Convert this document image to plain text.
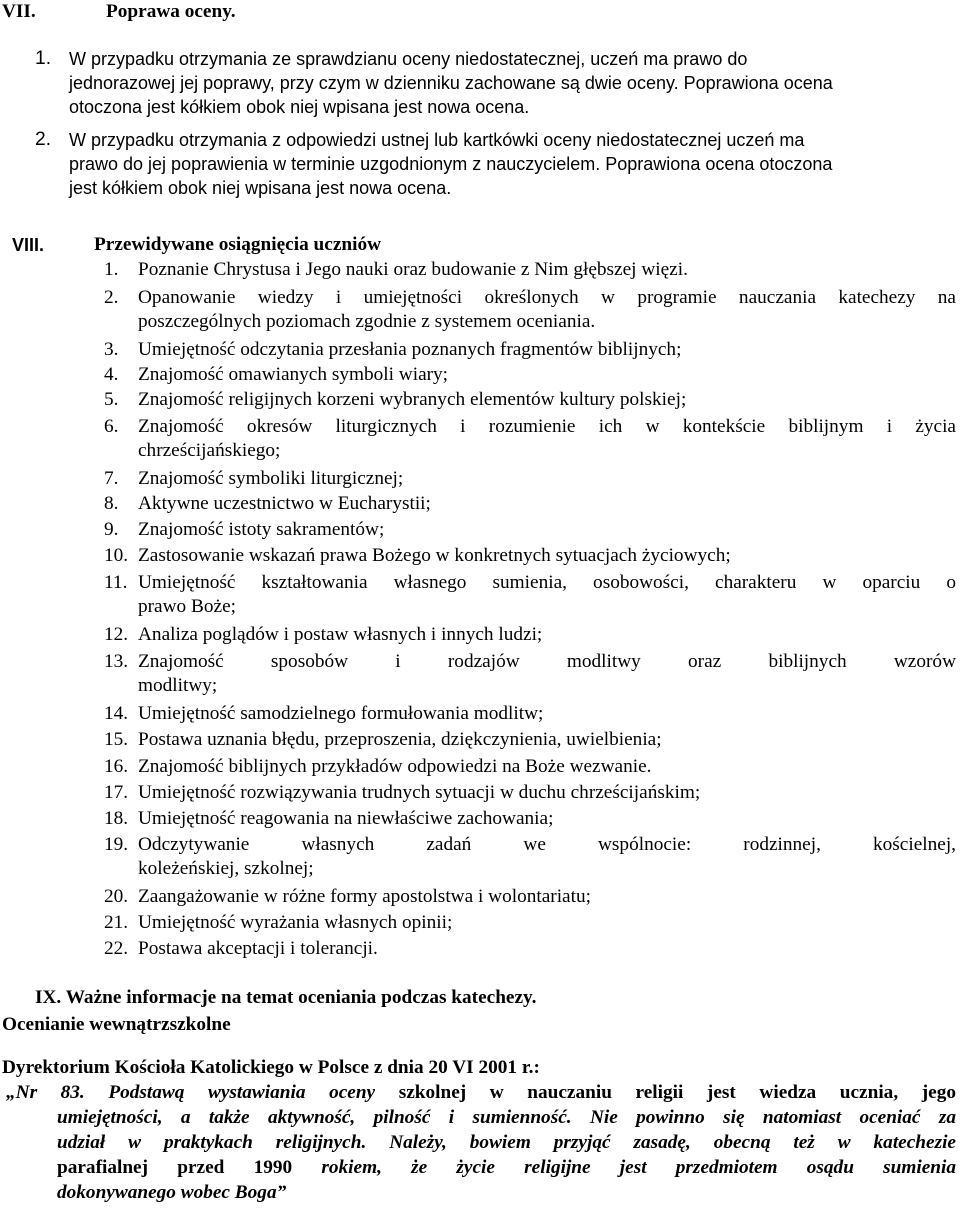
VII.	Poprawa oceny.
1. W przypadku otrzymania ze sprawdzianu oceny niedostatecznej, uczeń ma prawo do
jednorazowej jej poprawy, przy czym w dzienniku zachowane są dwie oceny. Poprawiona ocena
otoczona jest kółkiem obok niej wpisana jest nowa ocena.
2. W przypadku otrzymania z odpowiedzi ustnej lub kartkówki oceny niedostatecznej uczeń ma
prawo do jej poprawienia w terminie uzgodnionym z nauczycielem. Poprawiona ocena otoczona
jest kółkiem obok niej wpisana jest nowa ocena.
VIII.	Przewidywane osiągnięcia uczniów
1. Poznanie Chrystusa i Jego nauki oraz budowanie z Nim głębszej więzi.
2. Opanowanie wiedzy i umiejętności określonych w programie nauczania katechezy na
poszczególnych poziomach zgodnie z systemem oceniania.
3. Umiejętność odczytania przesłania poznanych fragmentów biblijnych;
4. Znajomość omawianych symboli wiary;
5. Znajomość religijnych korzeni wybranych elementów kultury polskiej;
6. Znajomość okresów liturgicznych i rozumienie ich w kontekście biblijnym i życia
chrześcijańskiego;
7. Znajomość symboliki liturgicznej;
8. Aktywne uczestnictwo w Eucharystii;
9. Znajomość istoty sakramentów;
10. Zastosowanie wskazań prawa Bożego w konkretnych sytuacjach życiowych;
11. Umiejętność kształtowania własnego sumienia, osobowości, charakteru w oparciu o
prawo Boże;
12. Analiza poglądów i postaw własnych i innych ludzi;
13. Znajomość sposobów i rodzajów modlitwy oraz biblijnych wzorów
modlitwy;
14. Umiejętność samodzielnego formułowania modlitw;
15. Postawa uznania błędu, przeproszenia, dziękczynienia, uwielbienia;
16. Znajomość biblijnych przykładów odpowiedzi na Boże wezwanie.
17. Umiejętność rozwiązywania trudnych sytuacji w duchu chrześcijańskim;
18. Umiejętność reagowania na niewłaściwe zachowania;
19. Odczytywanie własnych zadań we wspólnocie: rodzinnej, kościelnej,
koleżeńskiej, szkolnej;
20. Zaangażowanie w różne formy apostolstwa i wolontariatu;
21. Umiejętność wyrażania własnych opinii;
22. Postawa akceptacji i tolerancji.
IX. Ważne informacje na temat oceniania podczas katechezy.
Ocenianie wewnątrzszkolne
Dyrektorium Kościoła Katolickiego w Polsce z dnia 20 VI 2001 r.:
„Nr 83. Podstawą wystawiania oceny szkolnej w nauczaniu religii jest wiedza ucznia, jego
umiejętności, a także aktywność, pilność i sumienność. Nie powinno się natomiast oceniać za
udział w praktykach religijnych. Należy, bowiem przyjąć zasadę, obecną też w katechezie
parafialnej przed 1990 rokiem, że życie religijne jest przedmiotem osądu sumienia
dokonywanego wobec Boga”
